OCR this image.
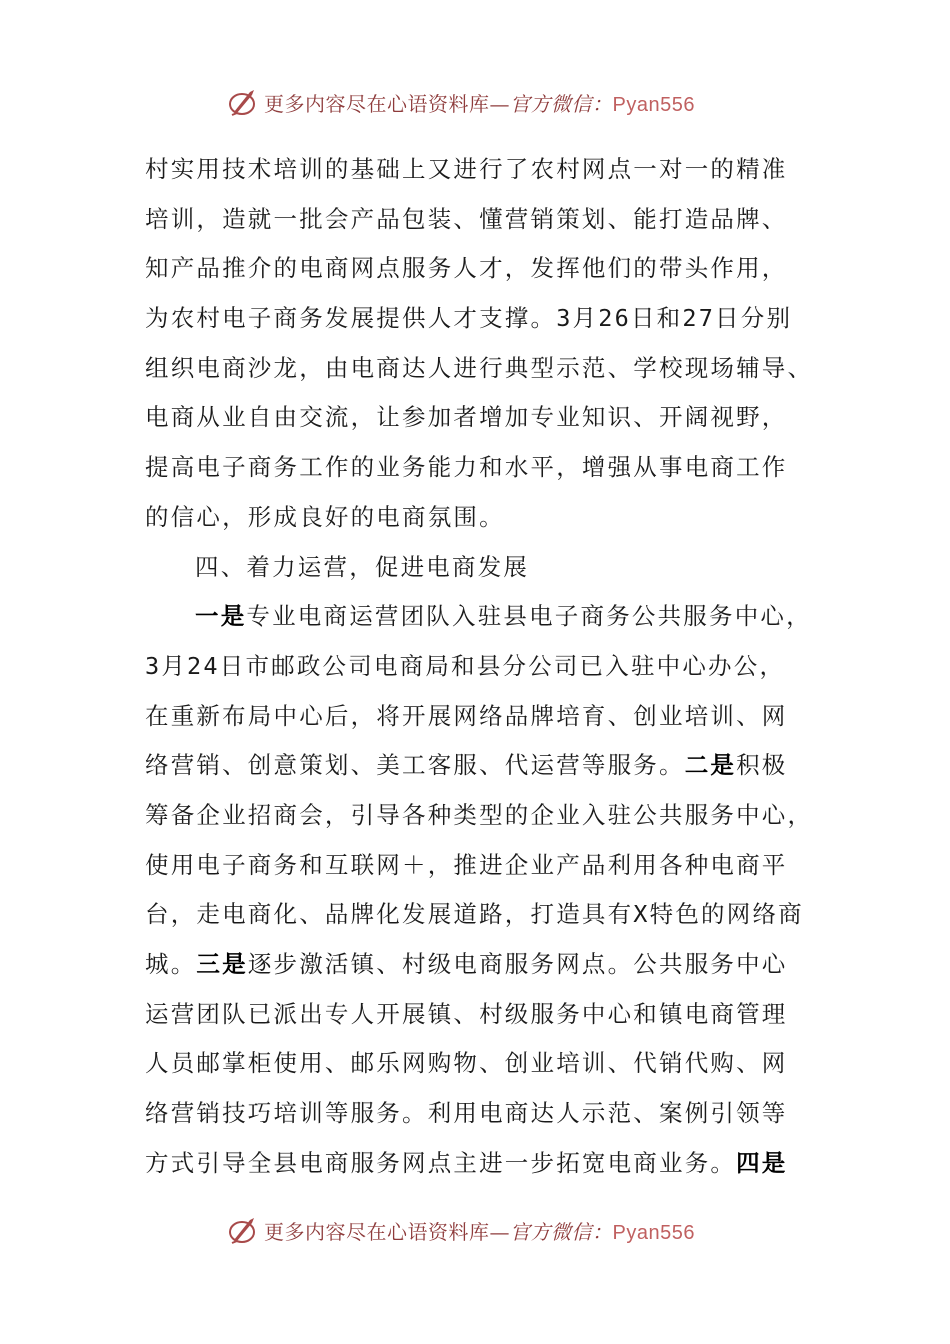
更多内容尽在心语资料库—官方微信：Pyan556
村实用技术培训的基础上又进行了农村网点一对一的精准
培训，造就一批会产品包装、懂营销策划、能打造品牌、
知产品推介的电商网点服务人才，发挥他们的带头作用，
为农村电子商务发展提供人才支撑。3月26日和27日分别
组织电商沙龙，由电商达人进行典型示范、学校现场辅导、
电商从业自由交流，让参加者增加专业知识、开阔视野，
提高电子商务工作的业务能力和水平，增强从事电商工作
的信心，形成良好的电商氛围。
四、着力运营，促进电商发展
一是专业电商运营团队入驻县电子商务公共服务中心，
3月24日市邮政公司电商局和县分公司已入驻中心办公，
在重新布局中心后，将开展网络品牌培育、创业培训、网
络营销、创意策划、美工客服、代运营等服务。二是积极
筹备企业招商会，引导各种类型的企业入驻公共服务中心，
使用电子商务和互联网＋，推进企业产品利用各种电商平
台，走电商化、品牌化发展道路，打造具有X特色的网络商
城。三是逐步激活镇、村级电商服务网点。公共服务中心
运营团队已派出专人开展镇、村级服务中心和镇电商管理
人员邮掌柜使用、邮乐网购物、创业培训、代销代购、网
络营销技巧培训等服务。利用电商达人示范、案例引领等
方式引导全县电商服务网点主进一步拓宽电商业务。四是
更多内容尽在心语资料库—官方微信：Pyan556
